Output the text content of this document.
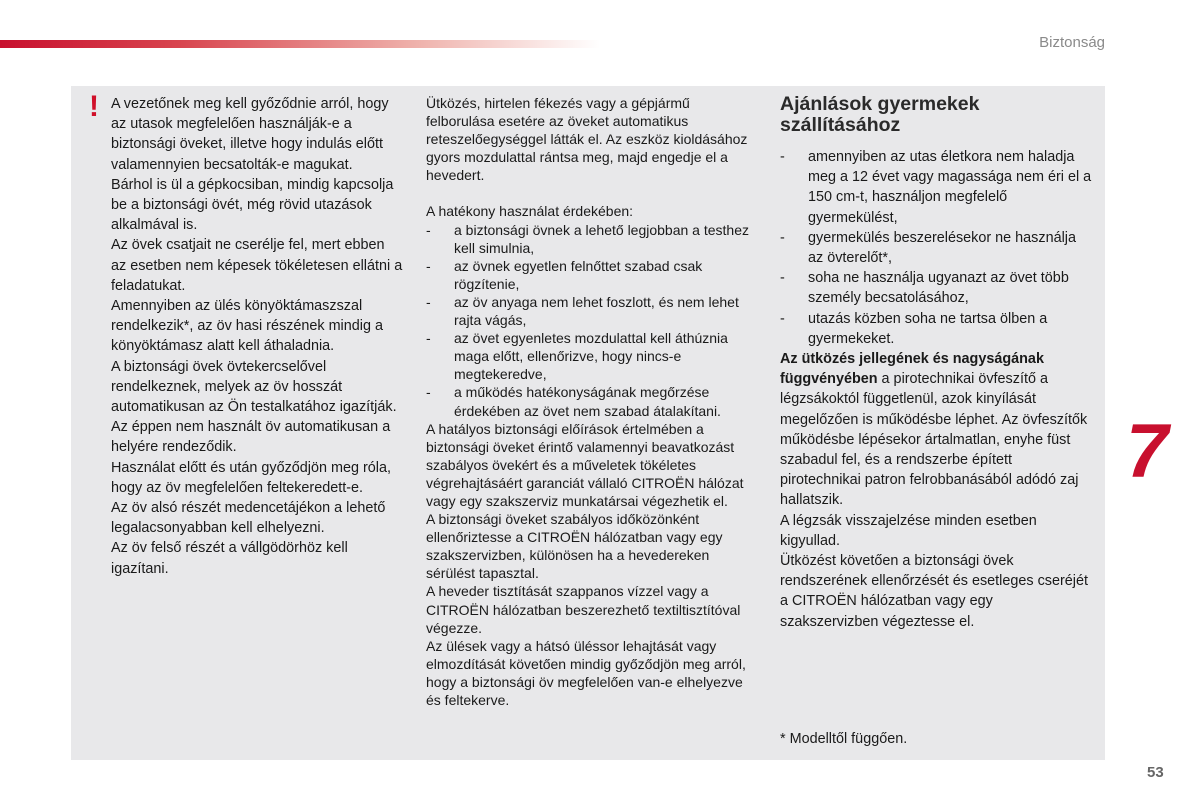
Biztonság
! A vezetőnek meg kell győződnie arról, hogy az utasok megfelelően használják-e a biztonsági öveket, illetve hogy indulás előtt valamennyien becsatolták-e magukat.

Bárhol is ül a gépkocsiban, mindig kapcsolja be a biztonsági övét, még rövid utazások alkalmával is.

Az övek csatjait ne cserélje fel, mert ebben az esetben nem képesek tökéletesen ellátni a feladatukat.

Amennyiben az ülés könyöktámaszszal rendelkezik*, az öv hasi részének mindig a könyöktámasz alatt kell áthaladnia.

A biztonsági övek övtekercselővel rendelkeznek, melyek az öv hosszát automatikusan az Ön testalkatához igazítják. Az éppen nem használt öv automatikusan a helyére rendeződik.

Használat előtt és után győződjön meg róla, hogy az öv megfelelően feltekeredett-e.

Az öv alsó részét medencetájékon a lehető legalacsonyabban kell elhelyezni.

Az öv felső részét a vállgödörhöz kell igazítani.

Ütközés, hirtelen fékezés vagy a gépjármű felborulása esetére az öveket automatikus reteszelőegységgel látták el. Az eszköz kioldásához gyors mozdulattal rántsa meg, majd engedje el a hevedert.

A hatékony használat érdekében:

- a biztonsági övnek a lehető legjobban a testhez kell simulnia,
- az övnek egyetlen felnőttet szabad csak rögzítenie,
- az öv anyaga nem lehet foszlott, és nem lehet rajta vágás,
- az övet egyenletes mozdulattal kell áthúznia maga előtt, ellenőrizve, hogy nincs-e megtekeredve,
- a működés hatékonyságának megőrzése érdekében az övet nem szabad átalakítani.

A hatályos biztonsági előírások értelmében a biztonsági öveket érintő valamennyi beavatkozást szabályos övekért és a műveletek tökéletes végrehajtásáért garanciát vállaló CITROËN hálózat vagy egy szakszerviz munkatársai végezhetik el.

A biztonsági öveket szabályos időközönként ellenőriztesse a CITROËN hálózatban vagy egy szakszervizben, különösen ha a hevedereken sérülést tapasztal.

A heveder tisztítását szappanos vízzel vagy a CITROËN hálózatban beszerezhető textiltisztítóval végezze.

Az ülések vagy a hátsó üléssor lehajtását vagy elmozdítását követően mindig győződjön meg arról, hogy a biztonsági öv megfelelően van-e elhelyezve és feltekerve.

Ajánlások gyermekek szállításához
- amennyiben az utas életkora nem haladja meg a 12 évet vagy magassága nem éri el a 150 cm-t, használjon megfelelő gyermekülést,
- gyermekülés beszerelésekor ne használja az övterelőt*,
- soha ne használja ugyanazt az övet több személy becsatolásához,
- utazás közben soha ne tartsa ölben a gyermekeket.

Az ütközés jellegének és nagyságának függvényében a pirotechnikai övfeszítő a légzsákoktól függetlenül, azok kinyílását megelőzően is működésbe léphet. Az övfeszítők működésbe lépésekor ártalmatlan, enyhe füst szabadul fel, és a rendszerbe épített pirotechnikai patron felrobbanásából adódó zaj hallatszik.

A légzsák visszajelzése minden esetben kigyullad.

Ütközést követően a biztonsági övek rendszerének ellenőrzését és esetleges cseréjét a CITROËN hálózatban vagy egy szakszervizben végeztesse el.

* Modelltől függően.
7
53
